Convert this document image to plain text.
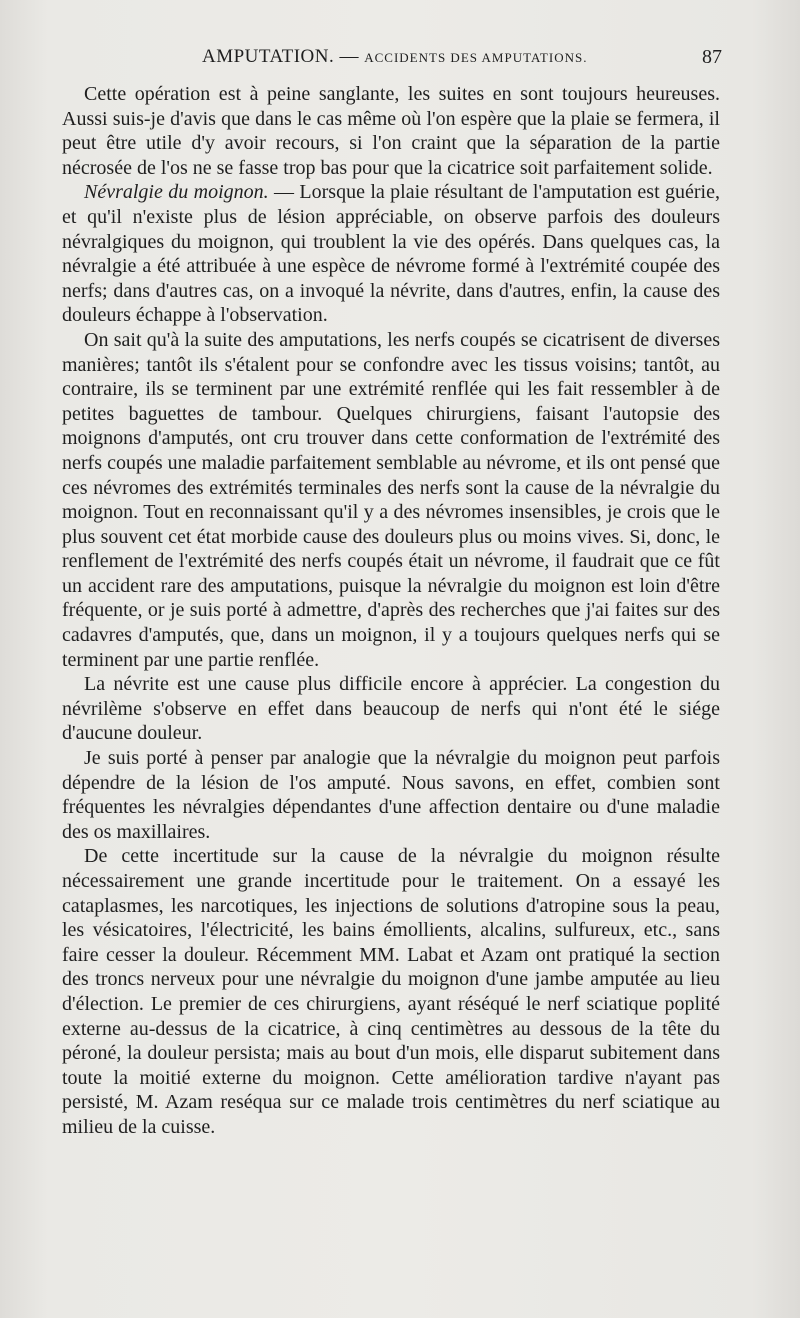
AMPUTATION. — ACCIDENTS DES AMPUTATIONS.	87

Cette opération est à peine sanglante, les suites en sont toujours heureuses. Aussi suis-je d'avis que dans le cas même où l'on espère que la plaie se fermera, il peut être utile d'y avoir recours, si l'on craint que la séparation de la partie nécrosée de l'os ne se fasse trop bas pour que la cicatrice soit parfaitement solide.

Névralgie du moignon. — Lorsque la plaie résultant de l'amputation est guérie, et qu'il n'existe plus de lésion appréciable, on observe parfois des douleurs névralgiques du moignon, qui troublent la vie des opérés. Dans quelques cas, la névralgie a été attribuée à une espèce de névrome formé à l'extrémité coupée des nerfs; dans d'autres cas, on a invoqué la névrite, dans d'autres, enfin, la cause des douleurs échappe à l'observation.

On sait qu'à la suite des amputations, les nerfs coupés se cicatrisent de diverses manières; tantôt ils s'étalent pour se confondre avec les tissus voisins; tantôt, au contraire, ils se terminent par une extrémité renflée qui les fait ressembler à de petites baguettes de tambour. Quelques chirurgiens, faisant l'autopsie des moignons d'amputés, ont cru trouver dans cette conformation de l'extrémité des nerfs coupés une maladie parfaitement semblable au névrome, et ils ont pensé que ces névromes des extrémités terminales des nerfs sont la cause de la névralgie du moignon. Tout en reconnaissant qu'il y a des névromes insensibles, je crois que le plus souvent cet état morbide cause des douleurs plus ou moins vives. Si, donc, le renflement de l'extrémité des nerfs coupés était un névrome, il faudrait que ce fût un accident rare des amputations, puisque la névralgie du moignon est loin d'être fréquente, or je suis porté à admettre, d'après des recherches que j'ai faites sur des cadavres d'amputés, que, dans un moignon, il y a toujours quelques nerfs qui se terminent par une partie renflée.

La névrite est une cause plus difficile encore à apprécier. La congestion du névrilème s'observe en effet dans beaucoup de nerfs qui n'ont été le siége d'aucune douleur.

Je suis porté à penser par analogie que la névralgie du moignon peut parfois dépendre de la lésion de l'os amputé. Nous savons, en effet, combien sont fréquentes les névralgies dépendantes d'une affection dentaire ou d'une maladie des os maxillaires.

De cette incertitude sur la cause de la névralgie du moignon résulte nécessairement une grande incertitude pour le traitement. On a essayé les cataplasmes, les narcotiques, les injections de solutions d'atropine sous la peau, les vésicatoires, l'électricité, les bains émollients, alcalins, sulfureux, etc., sans faire cesser la douleur. Récemment MM. Labat et Azam ont pratiqué la section des troncs nerveux pour une névralgie du moignon d'une jambe amputée au lieu d'élection. Le premier de ces chirurgiens, ayant réséqué le nerf sciatique poplité externe au-dessus de la cicatrice, à cinq centimètres au dessous de la tête du péroné, la douleur persista; mais au bout d'un mois, elle disparut subitement dans toute la moitié externe du moignon. Cette amélioration tardive n'ayant pas persisté, M. Azam reséqua sur ce malade trois centimètres du nerf sciatique au milieu de la cuisse.
